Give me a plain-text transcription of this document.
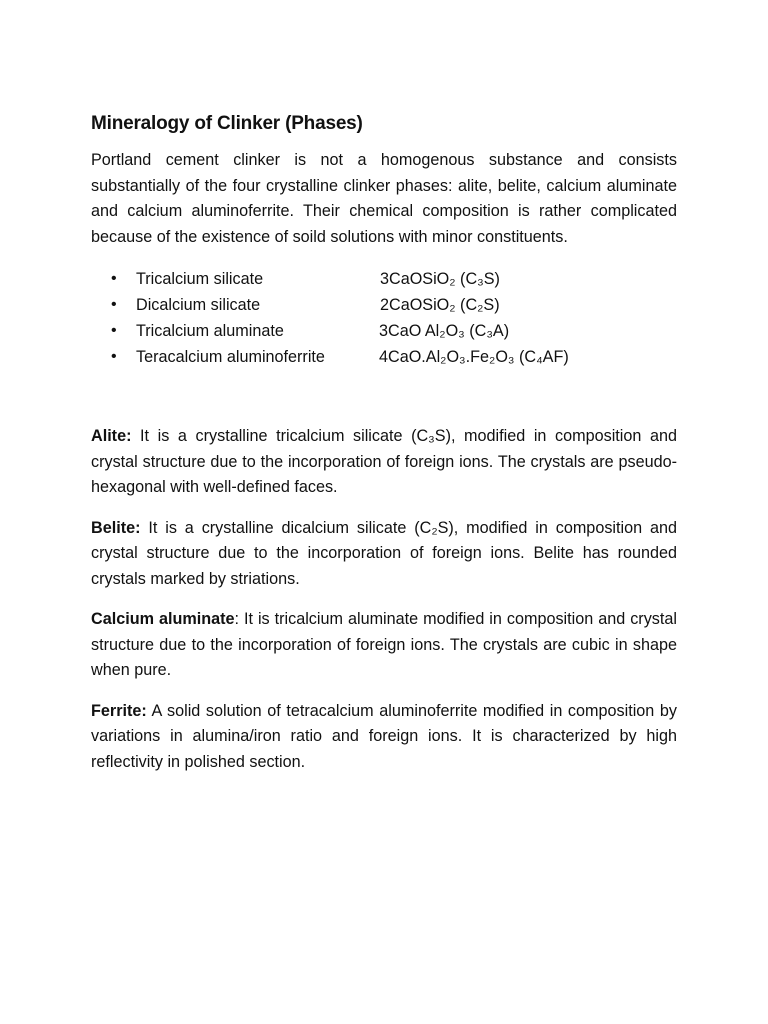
Mineralogy of Clinker (Phases)

Portland cement clinker is not a homogenous substance and consists substantially of the four crystalline clinker phases: alite, belite, calcium aluminate and calcium aluminoferrite. Their chemical composition is rather complicated because of the existence of soild solutions with minor constituents.

• Tricalcium silicate	3CaOSiO₂ (C₃S)
• Dicalcium silicate	2CaOSiO₂ (C₂S)
• Tricalcium aluminate	3CaO Al₂O₃ (C₃A)
• Teracalcium aluminoferrite	4CaO.Al₂O₃.Fe₂O₃ (C₄AF)

Alite: It is a crystalline tricalcium silicate (C₃S), modified in composition and crystal structure due to the incorporation of foreign ions. The crystals are pseudo-hexagonal with well-defined faces.

Belite: It is a crystalline dicalcium silicate (C₂S), modified in composition and crystal structure due to the incorporation of foreign ions. Belite has rounded crystals marked by striations.

Calcium aluminate: It is tricalcium aluminate modified in composition and crystal structure due to the incorporation of foreign ions. The crystals are cubic in shape when pure.

Ferrite: A solid solution of tetracalcium aluminoferrite modified in composition by variations in alumina/iron ratio and foreign ions. It is characterized by high reflectivity in polished section.
